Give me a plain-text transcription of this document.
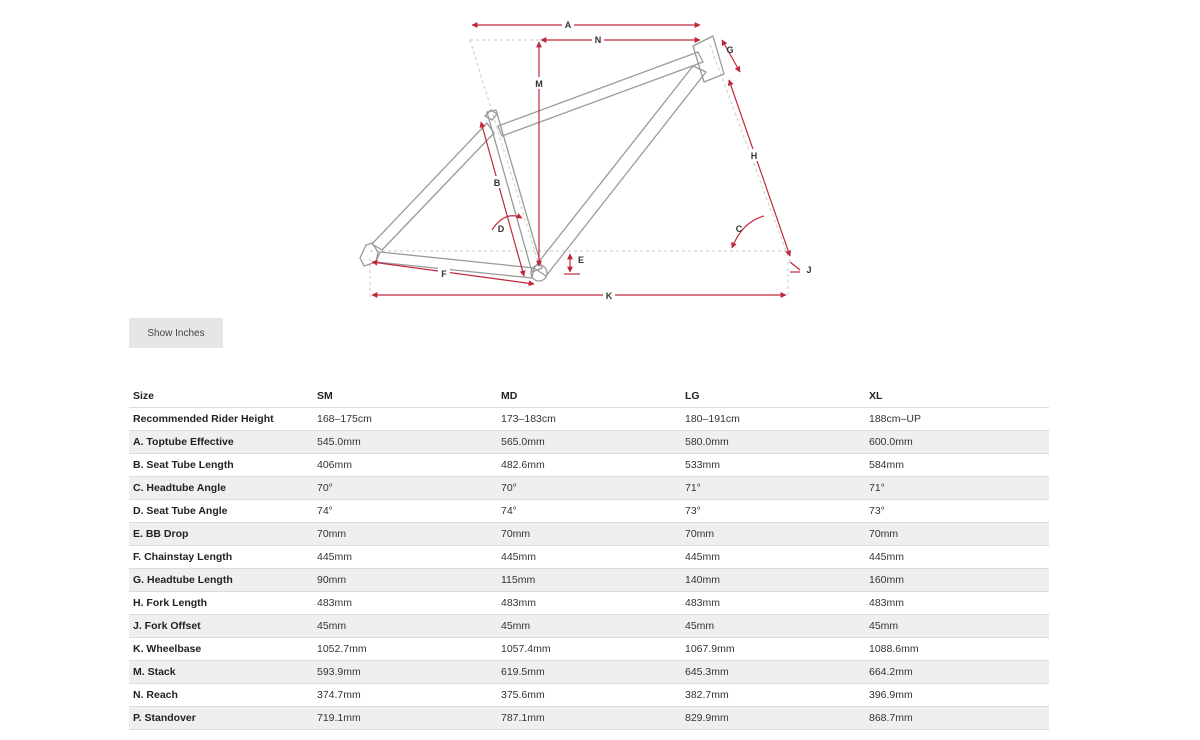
A
N
M
G
H
B
D	C
E
J
F
K
Show Inches
Size	SM	MD	LG	XL
Recommended Rider Height	168–175cm	173–183cm	180–191cm	188cm–UP
A. Toptube Effective	545.0mm	565.0mm	580.0mm	600.0mm
B. Seat Tube Length	406mm	482.6mm	533mm	584mm
C. Headtube Angle	70°	70°	71°	71°
D. Seat Tube Angle	74°	74°	73°	73°
E. BB Drop	70mm	70mm	70mm	70mm
F. Chainstay Length	445mm	445mm	445mm	445mm
G. Headtube Length	90mm	115mm	140mm	160mm
H. Fork Length	483mm	483mm	483mm	483mm
J. Fork Offset	45mm	45mm	45mm	45mm
K. Wheelbase	1052.7mm	1057.4mm	1067.9mm	1088.6mm
M. Stack	593.9mm	619.5mm	645.3mm	664.2mm
N. Reach	374.7mm	375.6mm	382.7mm	396.9mm
P. Standover	719.1mm	787.1mm	829.9mm	868.7mm
